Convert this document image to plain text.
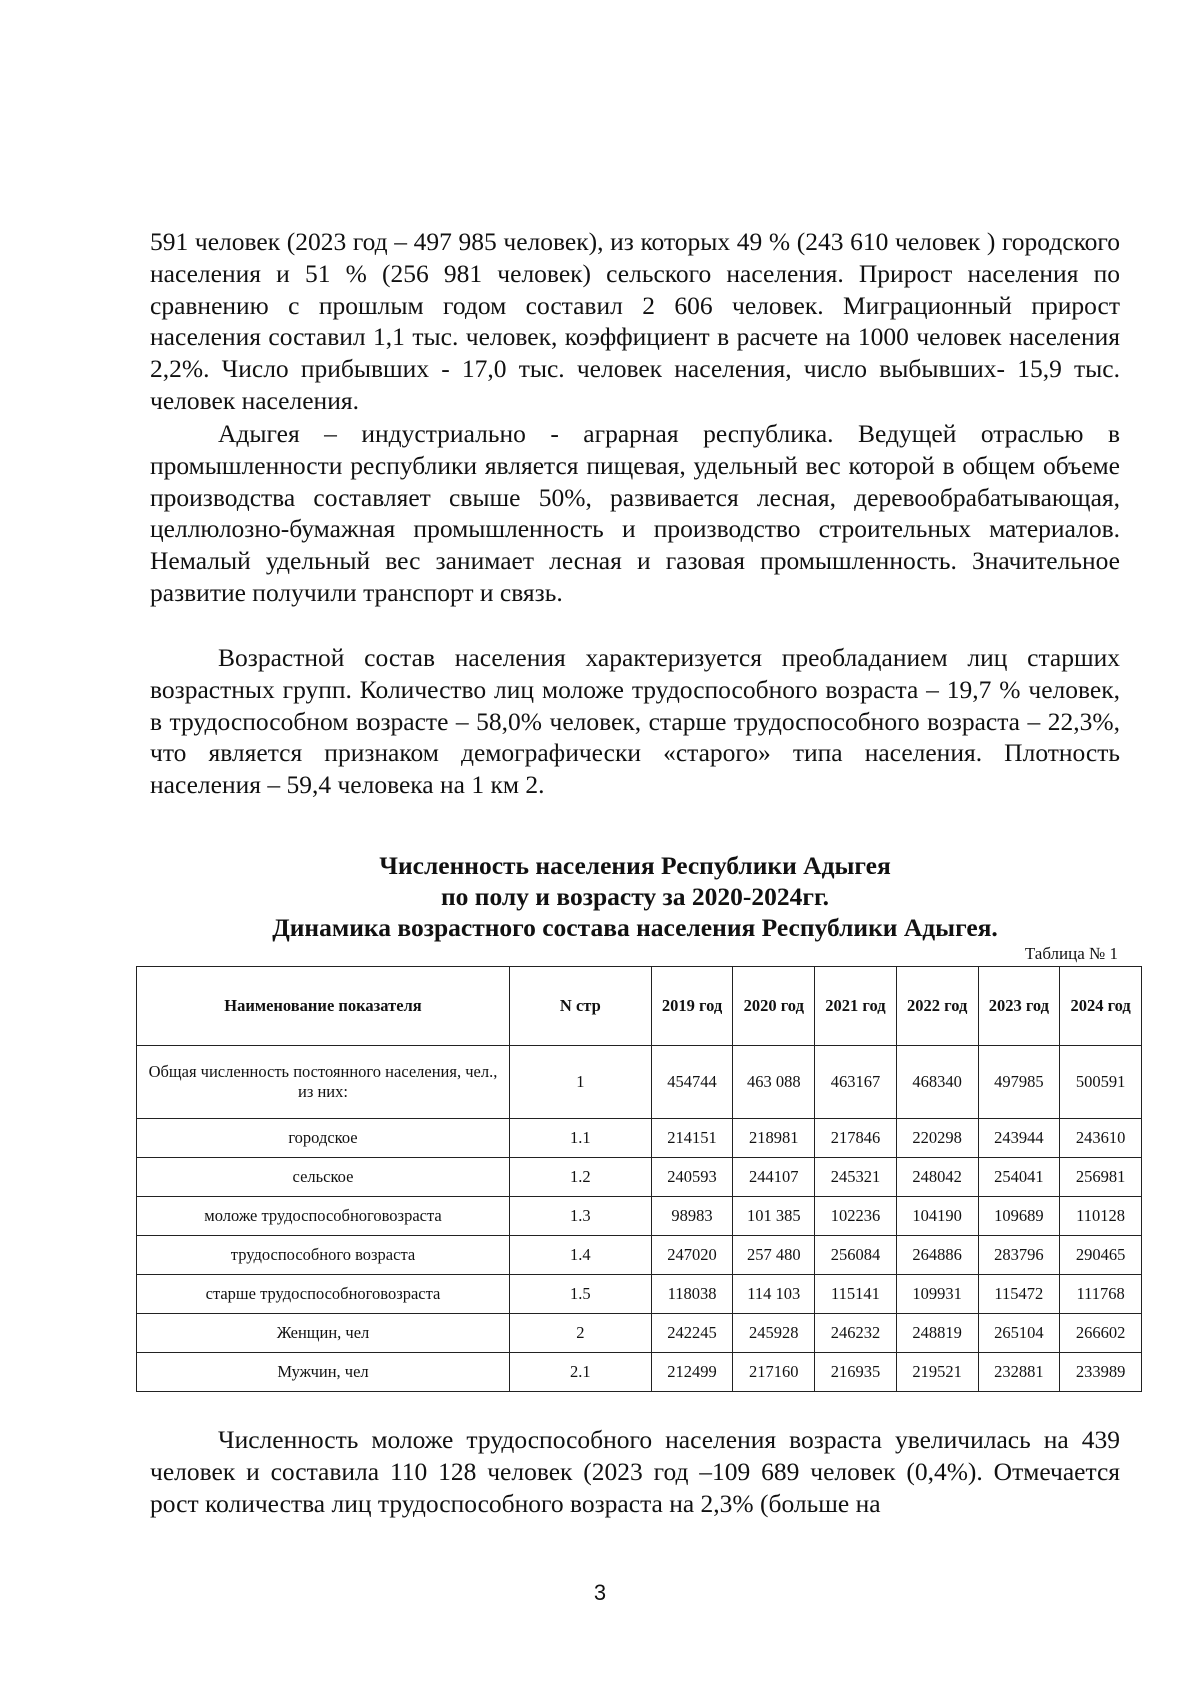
591 человек (2023 год – 497 985 человек), из которых 49 % (243 610 человек ) городского населения и 51 % (256 981 человек) сельского населения. Прирост населения по сравнению с прошлым годом составил 2 606 человек. Миграционный прирост населения составил 1,1 тыс. человек, коэффициент в расчете на 1000 человек населения 2,2%. Число прибывших - 17,0 тыс. человек населения, число выбывших- 15,9 тыс. человек населения.

Адыгея – индустриально - аграрная республика. Ведущей отраслью в промышленности республики является пищевая, удельный вес которой в общем объеме производства составляет свыше 50%, развивается лесная, деревообрабатывающая, целлюлозно-бумажная промышленность и производство строительных материалов. Немалый удельный вес занимает лесная и газовая промышленность. Значительное развитие получили транспорт и связь.

Возрастной состав населения характеризуется преобладанием лиц старших возрастных групп. Количество лиц моложе трудоспособного возраста – 19,7 % человек, в трудоспособном возрасте – 58,0% человек, старше трудоспособного возраста – 22,3%, что является признаком демографически «старого» типа населения. Плотность населения – 59,4 человека на 1 км 2.

Численность населения Республики Адыгея
по полу и возрасту за 2020-2024гг.
Динамика возрастного состава населения Республики Адыгея.
Таблица № 1
Наименование показателя	N стр	2019 год	2020 год	2021 год	2022 год	2023 год	2024 год
Общая численность постоянного населения, чел., из них:	1	454744	463 088	463167	468340	497985	500591
городское	1.1	214151	218981	217846	220298	243944	243610
сельское	1.2	240593	244107	245321	248042	254041	256981
моложе трудоспособноговозраста	1.3	98983	101 385	102236	104190	109689	110128
трудоспособного возраста	1.4	247020	257 480	256084	264886	283796	290465
старше трудоспособноговозраста	1.5	118038	114 103	115141	109931	115472	111768
Женщин, чел	2	242245	245928	246232	248819	265104	266602
Мужчин, чел	2.1	212499	217160	216935	219521	232881	233989

Численность моложе трудоспособного населения возраста увеличилась на 439 человек и составила 110 128 человек (2023 год –109 689 человек (0,4%). Отмечается рост количества лиц трудоспособного возраста на 2,3% (больше на

3
